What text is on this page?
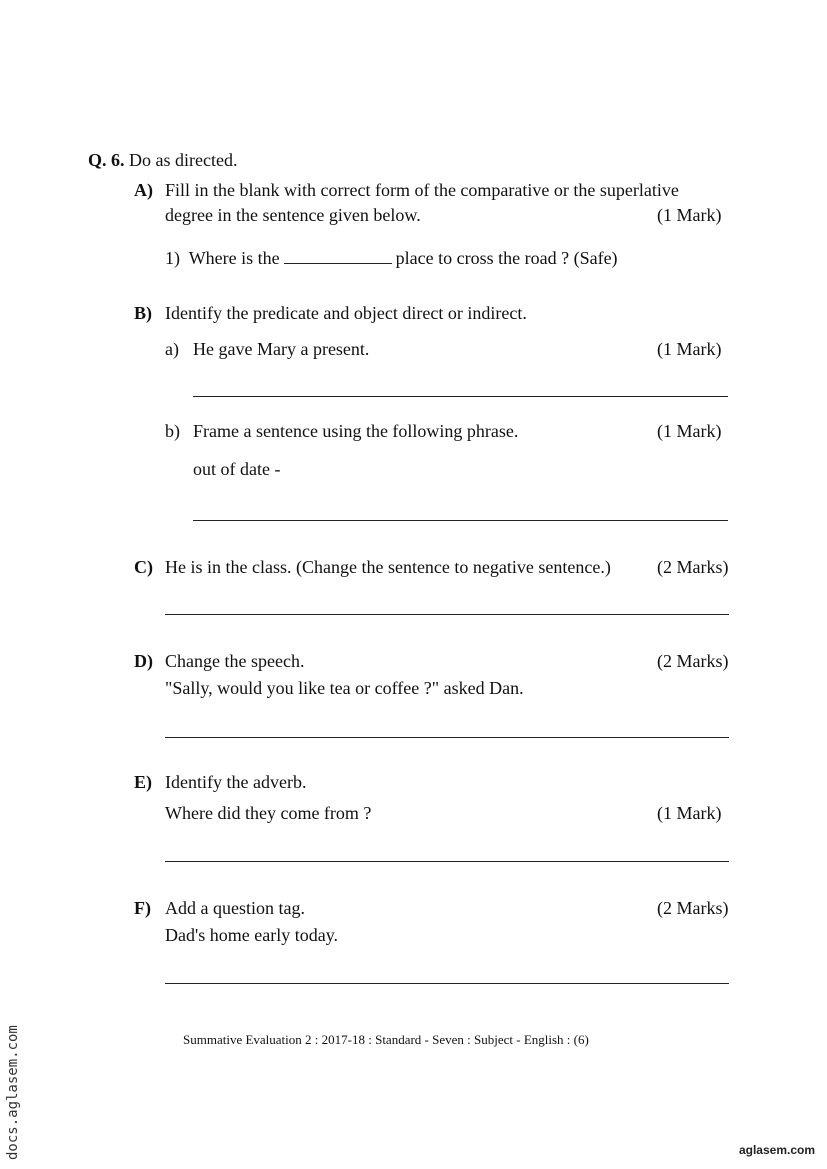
Q. 6. Do as directed.
A) Fill in the blank with correct form of the comparative or the superlative
degree in the sentence given below.	(1 Mark)
1) Where is the	place to cross the road ? (Safe)
B) Identify the predicate and object direct or indirect.
a) He gave Mary a present.	(1 Mark)
b) Frame a sentence using the following phrase.	(1 Mark)
out of date -
C) He is in the class. (Change the sentence to negative sentence.)	(2 Marks)
D) Change the speech.	(2 Marks)
"Sally, would you like tea or coffee ?" asked Dan.
E) Identify the adverb.
Where did they come from ?	(1 Mark)
F) Add a question tag.	(2 Marks)
Dad's home early today.
Summative Evaluation 2 : 2017-18 : Standard - Seven : Subject - English : (6)
docs.aglasem.com	aglasem.com
